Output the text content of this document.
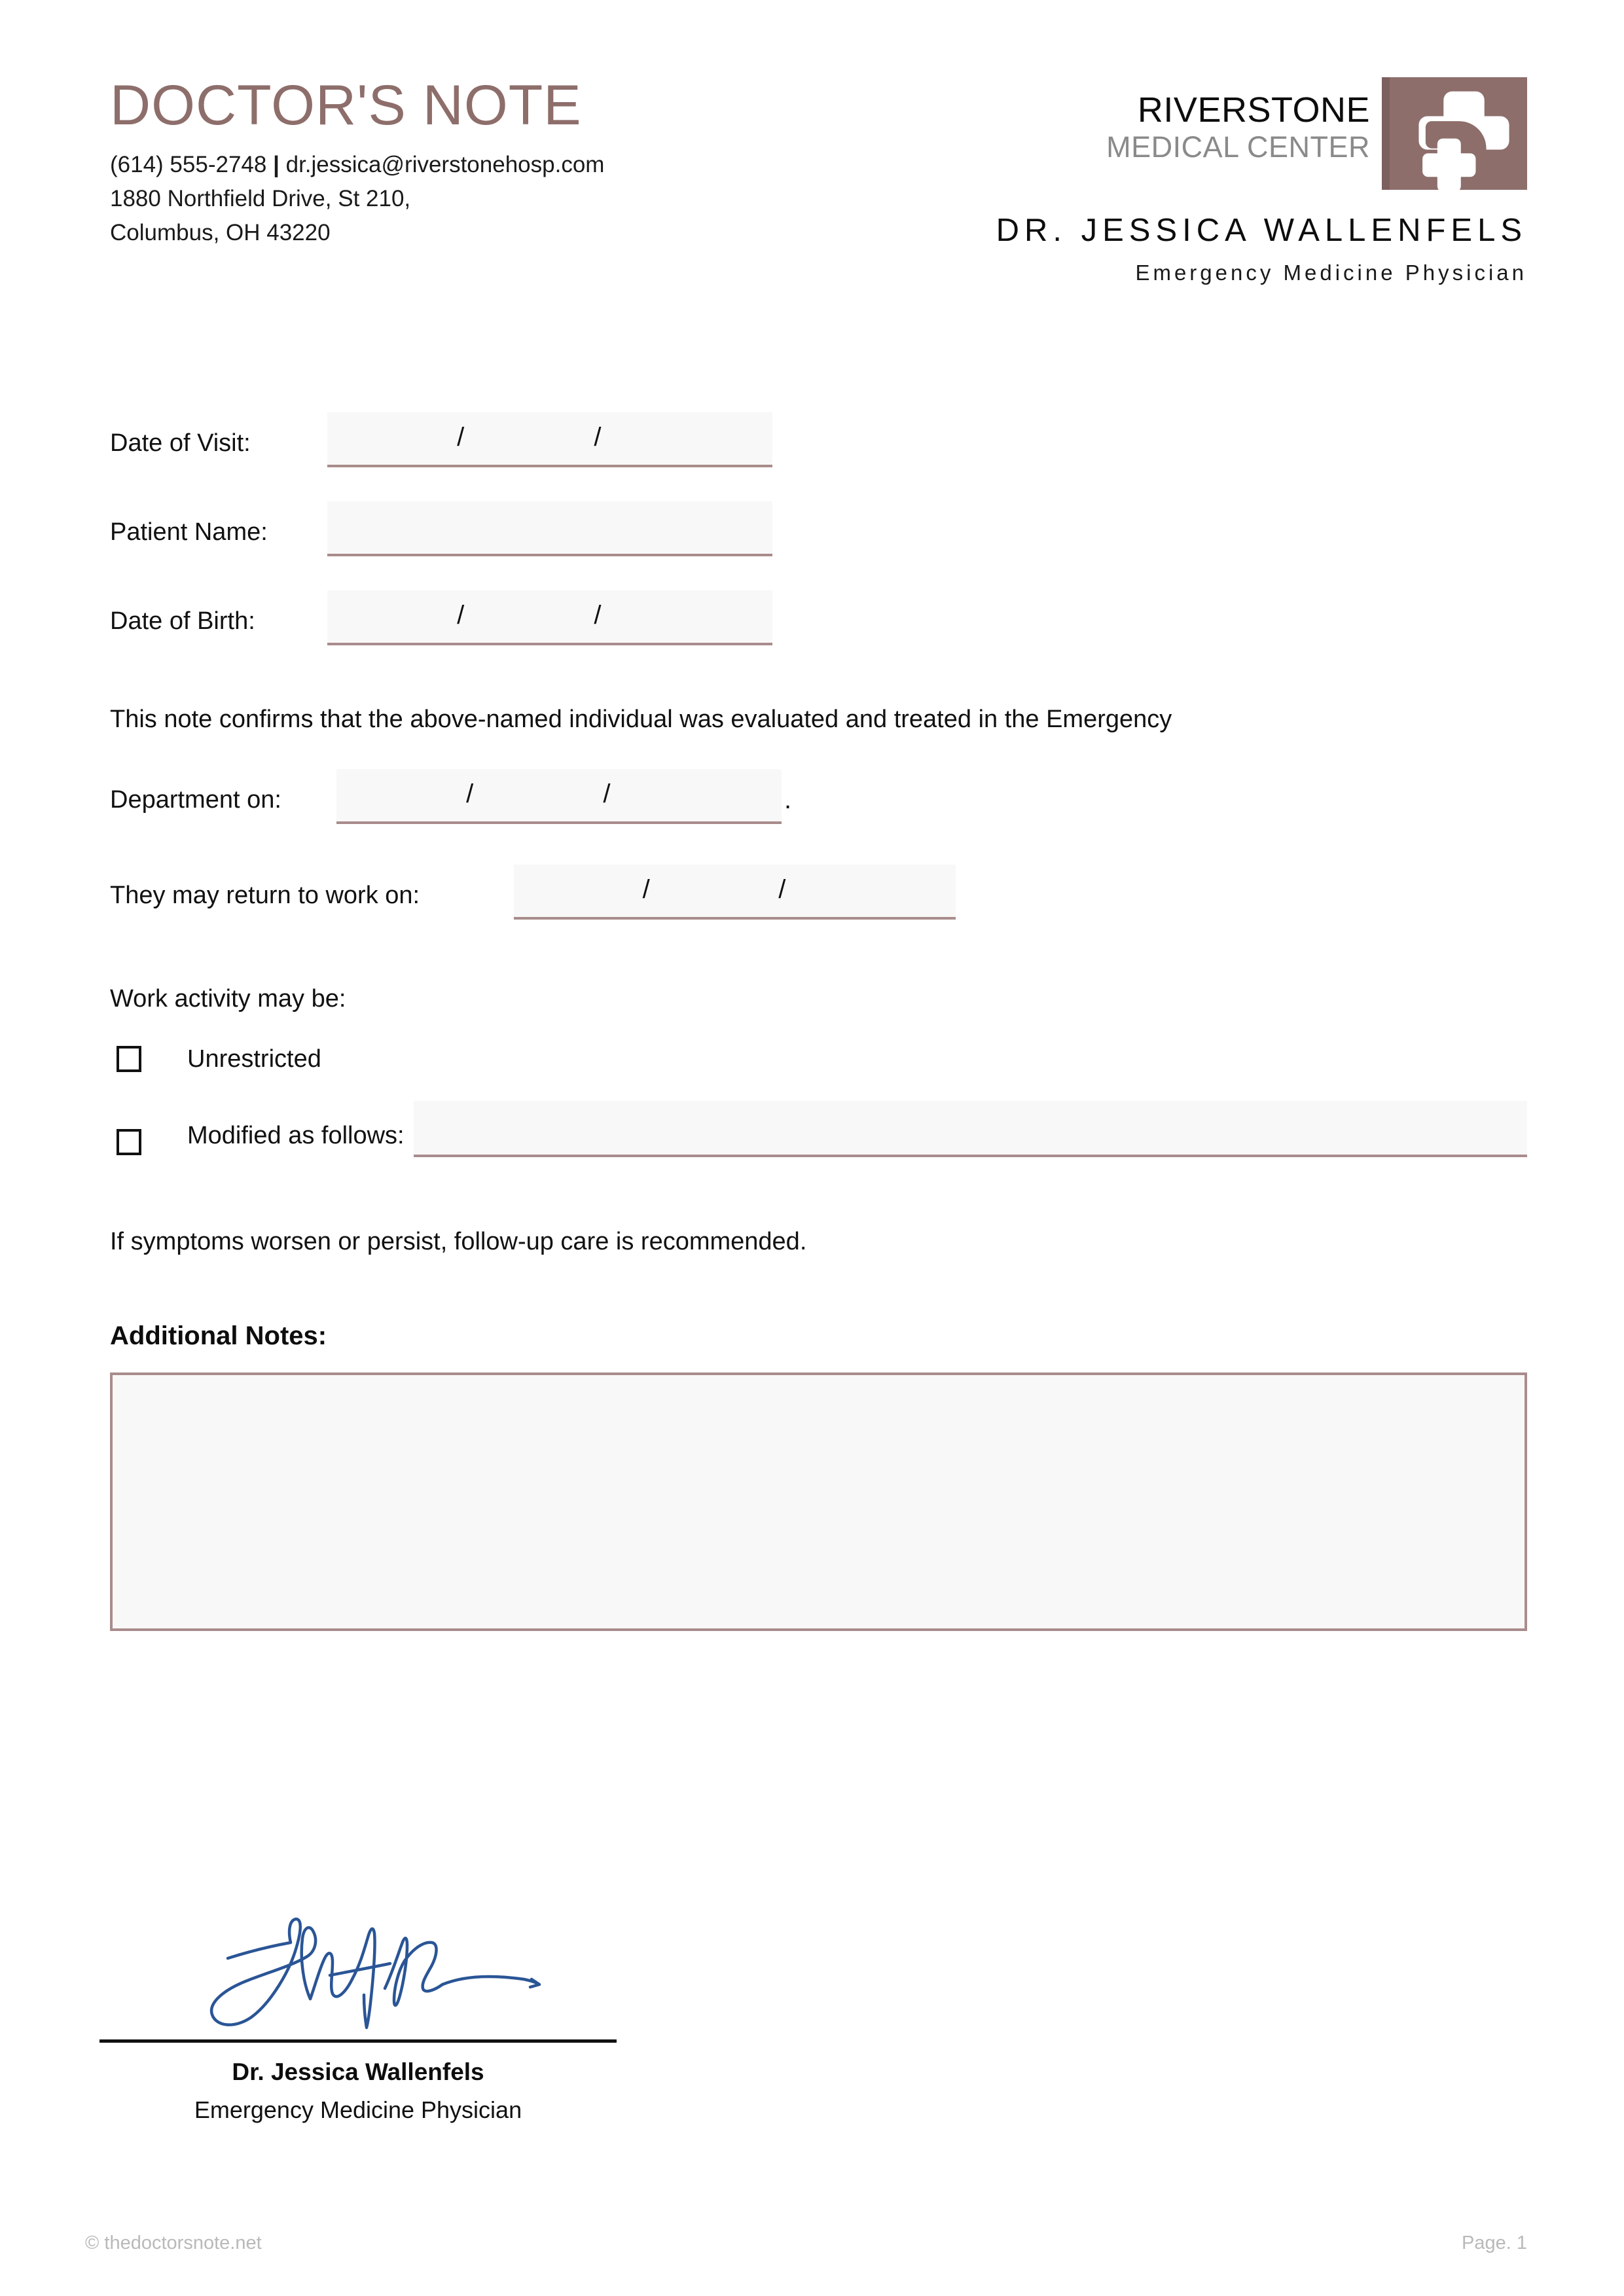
DOCTOR'S NOTE
(614) 555-2748 | dr.jessica@riverstonehosp.com
1880 Northfield Drive, St 210,
Columbus, OH 43220
RIVERSTONE
MEDICAL CENTER
DR. JESSICA WALLENFELS
Emergency Medicine Physician
Date of Visit:	/	/
Patient Name:
Date of Birth:	/	/
This note confirms that the above-named individual was evaluated and treated in the Emergency
Department on:	/	/	.
They may return to work on:	/	/
Work activity may be:
Unrestricted
Modified as follows:
If symptoms worsen or persist, follow-up care is recommended.
Additional Notes:
Dr. Jessica Wallenfels
Emergency Medicine Physician
© thedoctorsnote.net	Page. 1
